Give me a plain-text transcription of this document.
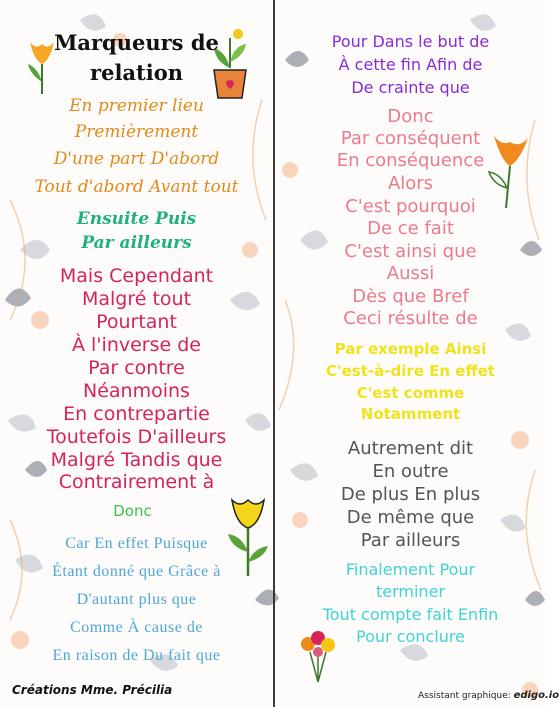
Marqueurs de
relation
En premier lieu
Premièrement
D'une part D'abord
Tout d'abord Avant tout
Ensuite Puis
Par ailleurs
Mais Cependant
Malgré tout
Pourtant
À l'inverse de
Par contre
Néanmoins
En contrepartie
Toutefois D'ailleurs
Malgré Tandis que
Contrairement à
Donc
Car En effet Puisque
Étant donné que Grâce à
D'autant plus que
Comme À cause de
En raison de Du fait que
Pour Dans le but de
À cette fin Afin de
De crainte que
Donc
Par conséquent
En conséquence
Alors
C'est pourquoi
De ce fait
C'est ainsi que
Aussi
Dès que Bref
Ceci résulte de
Par exemple Ainsi
C'est-à-dire En effet
C'est comme
Notamment
Autrement dit
En outre
De plus En plus
De même que
Par ailleurs
Finalement Pour
terminer
Tout compte fait Enfin
Pour conclure
Créations Mme. Précilia	Assistant graphique: edigo.io
